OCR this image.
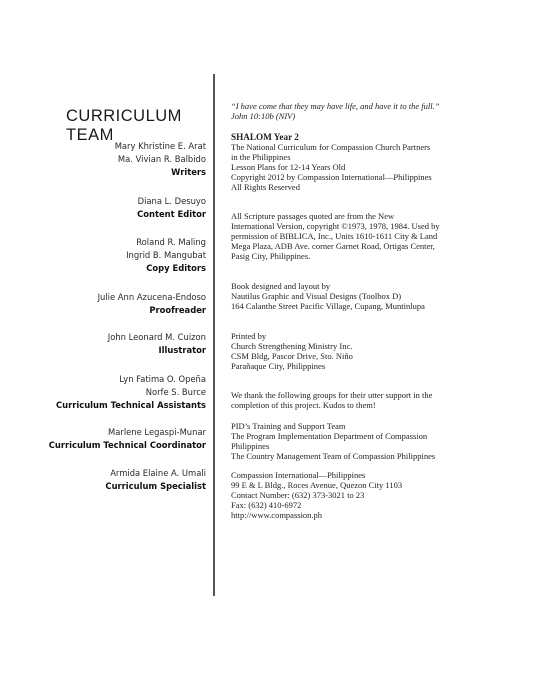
CURRICULUM TEAM
Mary Khristine E. Arat
Ma. Vivian R. Balbido
Writers
Diana L. Desuyo
Content Editor
Roland R. Maling
Ingrid B. Mangubat
Copy Editors
Julie Ann Azucena-Endoso
Proofreader
John Leonard M. Cuizon
Illustrator
Lyn Fatima O. Opeña
Norfe S. Burce
Curriculum Technical Assistants
Marlene Legaspi-Munar
Curriculum Technical Coordinator
Armida Elaine A. Umali
Curriculum Specialist
“I have come that they may have life, and have it to the full.”
John 10:10b (NIV)
SHALOM Year 2
The National Curriculum for Compassion Church Partners
in the Philippines
Lesson Plans for 12-14 Years Old
Copyright 2012 by Compassion International—Philippines
All Rights Reserved
All Scripture passages quoted are from the New
International Version, copyright ©1973, 1978, 1984. Used by
permission of BIBLICA, Inc., Units 1610-1611 City & Land
Mega Plaza, ADB Ave. corner Garnet Road, Ortigas Center,
Pasig City, Philippines.
Book designed and layout by
Nautilus Graphic and Visual Designs (Toolbox D)
164 Calanthe Street Pacific Village, Cupang, Muntinlupa
Printed by
Church Strengthening Ministry Inc.
CSM Bldg, Pascor Drive, Sto. Niño
Parañaque City, Philippines
We thank the following groups for their utter support in the
completion of this project. Kudos to them!
PID’s Training and Support Team
The Program Implementation Department of Compassion
Philippines
The Country Management Team of Compassion Philippines
Compassion International—Philippines
99 E & L Bldg., Roces Avenue, Quezon City 1103
Contact Number: (632) 373-3021 to 23
Fax: (632) 410-6972
http://www.compassion.ph
